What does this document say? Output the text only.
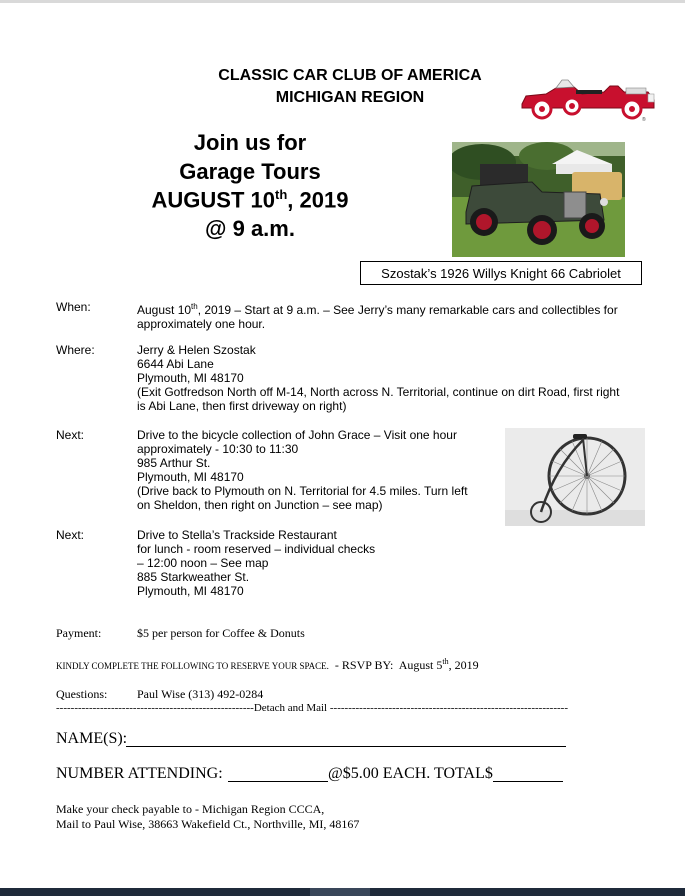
CLASSIC CAR CLUB OF AMERICA
MICHIGAN REGION
®
Join us for
Garage Tours
AUGUST 10th, 2019
@ 9 a.m.
Szostak’s 1926 Willys Knight 66 Cabriolet
When:	August 10th, 2019 – Start at 9 a.m. – See Jerry’s many remarkable cars and collectibles for
approximately one hour.
Where:	Jerry & Helen Szostak
6644 Abi Lane
Plymouth, MI 48170
(Exit Gotfredson North off M-14, North across N. Territorial, continue on dirt Road, first right
is Abi Lane, then first driveway on right)
Next:	Drive to the bicycle collection of John Grace – Visit one hour
approximately - 10:30 to 11:30
985 Arthur St.
Plymouth, MI 48170
(Drive back to Plymouth on N. Territorial for 4.5 miles. Turn left
on Sheldon, then right on Junction – see map)
Next:	Drive to Stella’s Trackside Restaurant
for lunch - room reserved – individual checks
– 12:00 noon – See map
885 Starkweather St.
Plymouth, MI 48170
Payment:	$5 per person for Coffee & Donuts
KINDLY COMPLETE THE FOLLOWING TO RESERVE YOUR SPACE.  - RSVP BY:  August 5th, 2019
Questions: Paul Wise (313) 492-0284
------------------------------------------------------Detach and Mail -----------------------------------------------------------------
NAME(S):
NUMBER ATTENDING:	@$5.00 EACH. TOTAL$
Make your check payable to - Michigan Region CCCA,
Mail to Paul Wise, 38663 Wakefield Ct., Northville, MI, 48167
